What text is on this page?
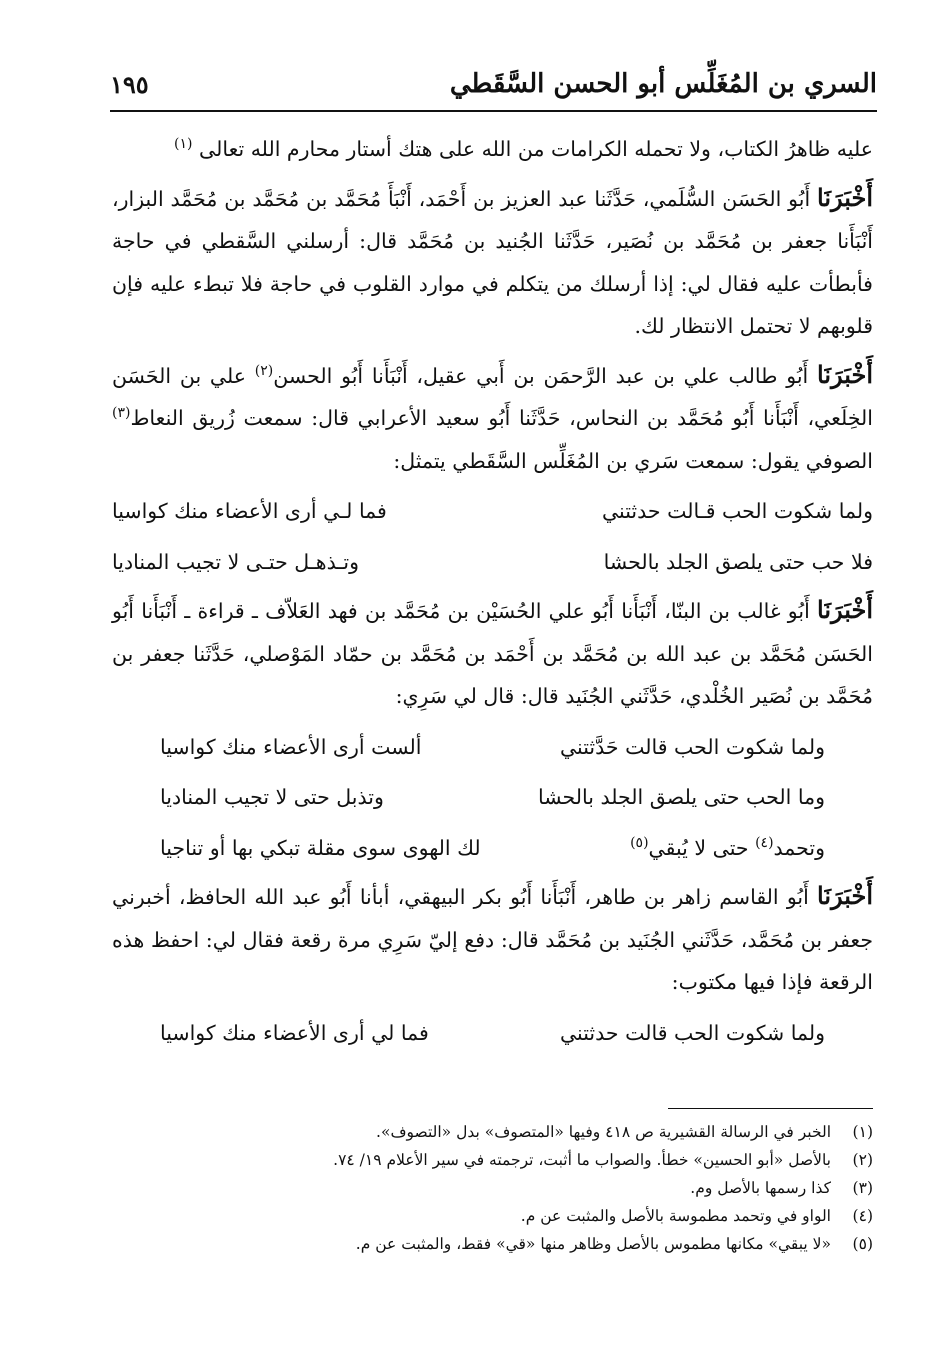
السري بن المُغَلِّس أبو الحسن السَّقَطي
١٩٥

عليه ظاهرُ الكتاب، ولا تحمله الكرامات من الله على هتك أستار محارم الله تعالى $^{(١)}$

أَخْبَرَنَا أَبُو الحَسَن السُّلَمي، حَدَّثَنا عبد العزيز بن أَحْمَد، أَنْبَأَ مُحَمَّد بن مُحَمَّد بن مُحَمَّد البزار، أَنْبَأَنا جعفر بن مُحَمَّد بن نُصَير، حَدَّثَنا الجُنيد بن مُحَمَّد قال: أرسلني السَّقطي في حاجة فأبطأت عليه فقال لي: إذا أرسلك من يتكلم في موارد القلوب في حاجة فلا تبطء عليه فإن قلوبهم لا تحتمل الانتظار لك.

أَخْبَرَنَا أَبُو طالب علي بن عبد الرَّحمَن بن أَبي عقيل، أَنْبَأَنا أَبُو الحسن$^{(٢)}$ علي بن الحَسَن الخِلَعي، أَنْبَأَنا أَبُو مُحَمَّد بن النحاس، حَدَّثَنا أَبُو سعيد الأعرابي قال: سمعت زُريق النعاط$^{(٣)}$ الصوفي يقول: سمعت سَري بن المُغَلِّس السَّقَطي يتمثل:

ولما شكوت الحب قـالت حدثتني
فما لـي أرى الأعضاء منك كواسيا
فلا حب حتى يلصق الجلد بالحشا
وتـذهـل حتـى لا تجيب المناديا

أَخْبَرَنَا أَبُو غالب بن البنّا، أَنْبَأَنا أَبُو علي الحُسَيْن بن مُحَمَّد بن فهد العَلاّف ـ قراءة ـ أَنْبَأَنا أَبُو الحَسَن مُحَمَّد بن عبد الله بن مُحَمَّد بن أَحْمَد بن مُحَمَّد بن حمّاد المَوْصلي، حَدَّثَنا جعفر بن مُحَمَّد بن نُصَير الخُلْدي، حَدَّثَني الجُنَيد قال: قال لي سَرِي:

ولما شكوت الحب قالت حَدَّثتني
ألست أرى الأعضاء منك كواسيا
وما الحب حتى يلصق الجلد بالحشا
وتذبل حتى لا تجيب المناديا
وتحمد$^{(٤)}$ حتى لا يُبقي$^{(٥)}$
لك الهوى سوى مقلة تبكي بها أو تناجيا

أَخْبَرَنَا أَبُو القاسم زاهر بن طاهر، أَنْبَأَنا أَبُو بكر البيهقي، أبأنا أَبُو عبد الله الحافظ، أخبرني جعفر بن مُحَمَّد، حَدَّثَني الجُنَيد بن مُحَمَّد قال: دفع إليّ سَرِي مرة رقعة فقال لي: احفظ هذه الرقعة فإذا فيها مكتوب:

ولما شكوت الحب قالت حدثتني
فما لي أرى الأعضاء منك كواسيا
(١)
الخبر في الرسالة القشيرية ص ٤١٨ وفيها «المتصوف» بدل «التصوف».
(٢)
بالأصل «أبو الحسين» خطأ. والصواب ما أثبت، ترجمته في سير الأعلام ١٩/ ٧٤.
(٣)
كذا رسمها بالأصل وم.
(٤)
الواو في وتحمد مطموسة بالأصل والمثبت عن م.
(٥)
«لا يبقي» مكانها مطموس بالأصل وظاهر منها «قي» فقط، والمثبت عن م.
